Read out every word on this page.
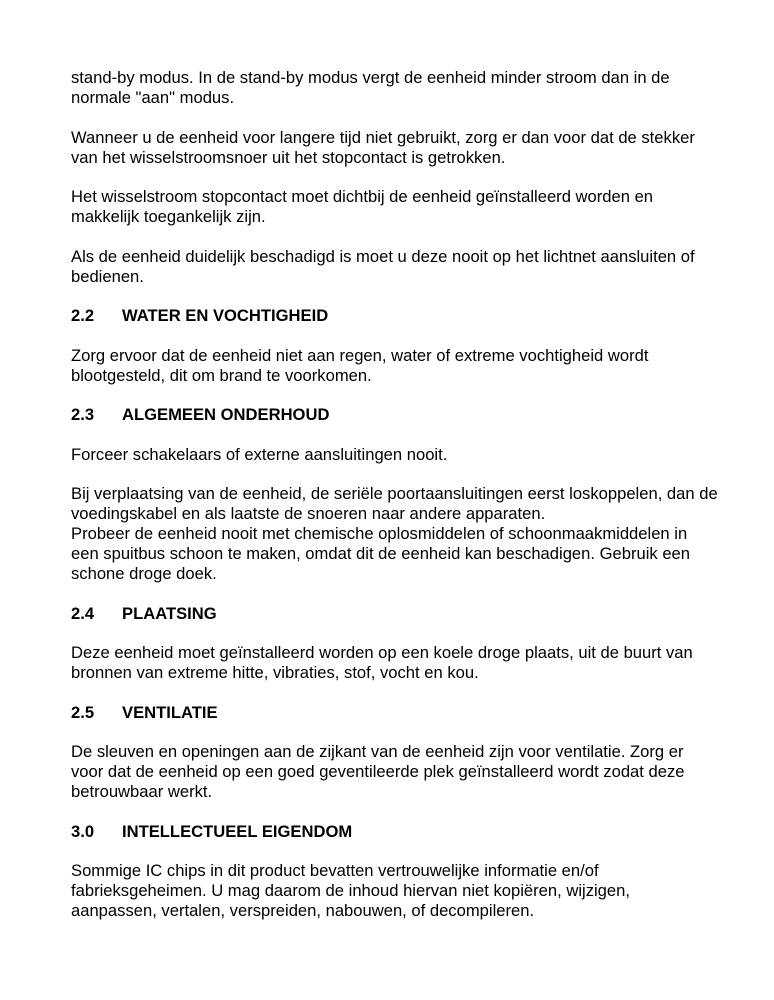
stand-by modus. In de stand-by modus vergt de eenheid minder stroom dan in de
normale "aan" modus.

Wanneer u de eenheid voor langere tijd niet gebruikt, zorg er dan voor dat de stekker
van het wisselstroomsnoer uit het stopcontact is getrokken.

Het wisselstroom stopcontact moet dichtbij de eenheid geïnstalleerd worden en
makkelijk toegankelijk zijn.

Als de eenheid duidelijk beschadigd is moet u deze nooit op het lichtnet aansluiten of
bedienen.

2.2	WATER EN VOCHTIGHEID

Zorg ervoor dat de eenheid niet aan regen, water of extreme vochtigheid wordt
blootgesteld, dit om brand te voorkomen.

2.3	ALGEMEEN ONDERHOUD

Forceer schakelaars of externe aansluitingen nooit.

Bij verplaatsing van de eenheid, de seriële poortaansluitingen eerst loskoppelen, dan de
voedingskabel en als laatste de snoeren naar andere apparaten.

Probeer de eenheid nooit met chemische oplosmiddelen of schoonmaakmiddelen in
een spuitbus schoon te maken, omdat dit de eenheid kan beschadigen. Gebruik een
schone droge doek.

2.4	PLAATSING

Deze eenheid moet geïnstalleerd worden op een koele droge plaats, uit de buurt van
bronnen van extreme hitte, vibraties, stof, vocht en kou.

2.5	VENTILATIE

De sleuven en openingen aan de zijkant van de eenheid zijn voor ventilatie. Zorg er
voor dat de eenheid op een goed geventileerde plek geïnstalleerd wordt zodat deze
betrouwbaar werkt.

3.0	INTELLECTUEEL EIGENDOM

Sommige IC chips in dit product bevatten vertrouwelijke informatie en/of
fabrieksgeheimen. U mag daarom de inhoud hiervan niet kopiëren, wijzigen,
aanpassen, vertalen, verspreiden, nabouwen, of decompileren.
